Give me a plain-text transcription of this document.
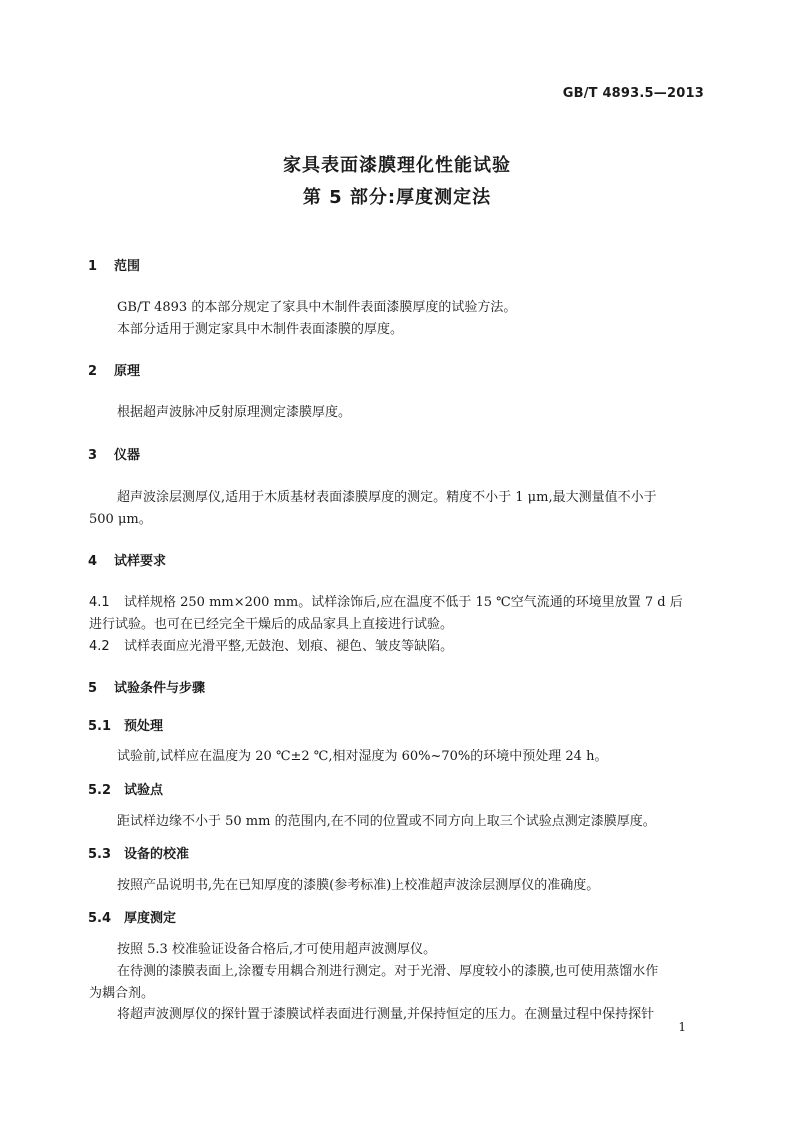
GB/T 4893.5—2013
家具表面漆膜理化性能试验
第 5 部分:厚度测定法
1 范围
GB/T 4893 的本部分规定了家具中木制件表面漆膜厚度的试验方法。
本部分适用于测定家具中木制件表面漆膜的厚度。
2 原理
根据超声波脉冲反射原理测定漆膜厚度。
3 仪器
超声波涂层测厚仪,适用于木质基材表面漆膜厚度的测定。精度不小于 1 μm,最大测量值不小于
500 μm。
4 试样要求
4.1 试样规格 250 mm×200 mm。试样涂饰后,应在温度不低于 15 ℃空气流通的环境里放置 7 d 后
进行试验。也可在已经完全干燥后的成品家具上直接进行试验。
4.2 试样表面应光滑平整,无鼓泡、划痕、褪色、皱皮等缺陷。
5 试验条件与步骤
5.1 预处理
试验前,试样应在温度为 20 ℃±2 ℃,相对湿度为 60%~70%的环境中预处理 24 h。
5.2 试验点
距试样边缘不小于 50 mm 的范围内,在不同的位置或不同方向上取三个试验点测定漆膜厚度。
5.3 设备的校准
按照产品说明书,先在已知厚度的漆膜(参考标准)上校准超声波涂层测厚仪的准确度。
5.4 厚度测定
按照 5.3 校准验证设备合格后,才可使用超声波测厚仪。
在待测的漆膜表面上,涂覆专用耦合剂进行测定。对于光滑、厚度较小的漆膜,也可使用蒸馏水作
为耦合剂。
将超声波测厚仪的探针置于漆膜试样表面进行测量,并保持恒定的压力。在测量过程中保持探针
1
